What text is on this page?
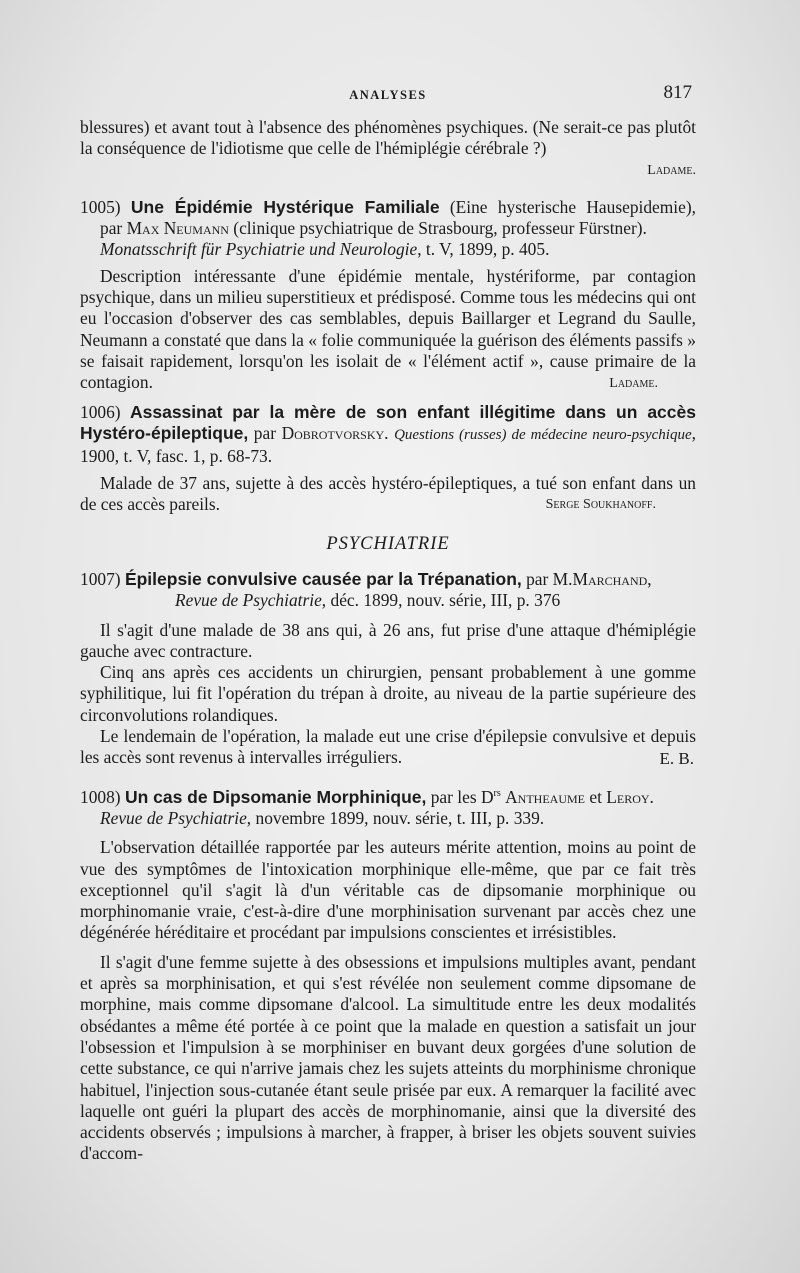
ANALYSES	817

blessures) et avant tout à l'absence des phénomènes psychiques. (Ne serait-ce pas plutôt la conséquence de l'idiotisme que celle de l'hémiplégie cérébrale ?)

Ladame.

1005) Une Épidémie Hystérique Familiale (Eine hysterische Hausepidemie), par Max Neumann (clinique psychiatrique de Strasbourg, professeur Fürstner).
Monatsschrift für Psychiatrie und Neurologie, t. V, 1899, p. 405.

Description intéressante d'une épidémie mentale, hystériforme, par contagion psychique, dans un milieu superstitieux et prédisposé. Comme tous les médecins qui ont eu l'occasion d'observer des cas semblables, depuis Baillarger et Legrand du Saulle, Neumann a constaté que dans la « folie communiquée la guérison des éléments passifs » se faisait rapidement, lorsqu'on les isolait de « l'élément actif », cause primaire de la contagion.	Ladame.

1006) Assassinat par la mère de son enfant illégitime dans un accès Hystéro-épileptique, par Dobrotvorsky. Questions (russes) de médecine neuro-psychique, 1900, t. V, fasc. 1, p. 68-73.

Malade de 37 ans, sujette à des accès hystéro-épileptiques, a tué son enfant dans un de ces accès pareils.	Serge Soukhanoff.

PSYCHIATRIE

1007) Épilepsie convulsive causée par la Trépanation, par M.Marchand,
Revue de Psychiatrie, déc. 1899, nouv. série, III, p. 376

Il s'agit d'une malade de 38 ans qui, à 26 ans, fut prise d'une attaque d'hémiplégie gauche avec contracture.

Cinq ans après ces accidents un chirurgien, pensant probablement à une gomme syphilitique, lui fit l'opération du trépan à droite, au niveau de la partie supérieure des circonvolutions rolandiques.

Le lendemain de l'opération, la malade eut une crise d'épilepsie convulsive et depuis les accès sont revenus à intervalles irréguliers.	E. B.

1008) Un cas de Dipsomanie Morphinique, par les $D^{rs}$ Antheaume et Leroy.
Revue de Psychiatrie, novembre 1899, nouv. série, t. III, p. 339.

L'observation détaillée rapportée par les auteurs mérite attention, moins au point de vue des symptômes de l'intoxication morphinique elle-même, que par ce fait très exceptionnel qu'il s'agit là d'un véritable cas de dipsomanie morphinique ou morphinomanie vraie, c'est-à-dire d'une morphinisation survenant par accès chez une dégénérée héréditaire et procédant par impulsions conscientes et irrésistibles.

Il s'agit d'une femme sujette à des obsessions et impulsions multiples avant, pendant et après sa morphinisation, et qui s'est révélée non seulement comme dipsomane de morphine, mais comme dipsomane d'alcool. La simultitude entre les deux modalités obsédantes a même été portée à ce point que la malade en question a satisfait un jour l'obsession et l'impulsion à se morphiniser en buvant deux gorgées d'une solution de cette substance, ce qui n'arrive jamais chez les sujets atteints du morphinisme chronique habituel, l'injection sous-cutanée étant seule prisée par eux. A remarquer la facilité avec laquelle ont guéri la plupart des accès de morphinomanie, ainsi que la diversité des accidents observés ; impulsions à marcher, à frapper, à briser les objets souvent suivies d'accom-
